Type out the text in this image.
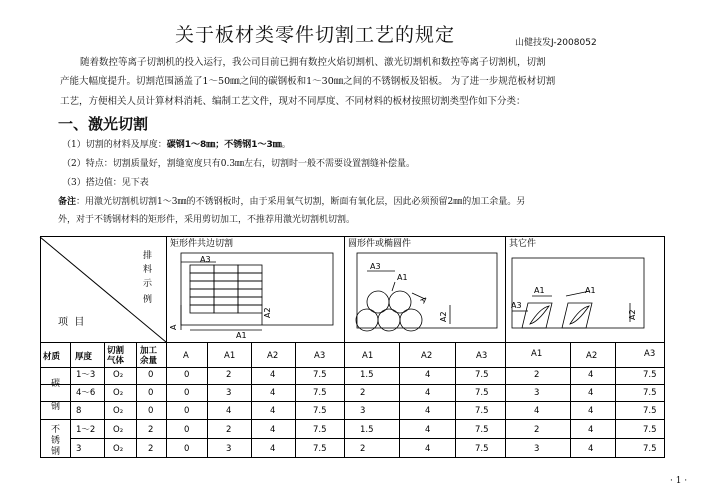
关于板材类零件切割工艺的规定	山健技发J-2008052
随着数控等离子切割机的投入运行，我公司目前已拥有数控火焰切割机、激光切割机和数控等离子切割机，切割
产能大幅度提升。切割范围涵盖了1～50㎜之间的碳钢板和1～30㎜之间的不锈钢板及铝板。 为了进一步规范板材切割
工艺，方便相关人员计算材料消耗、编制工艺文件，现对不同厚度、不同材料的板材按照切割类型作如下分类：
一、激光切割
（1）切割的材料及厚度：碳钢1～8㎜；不锈钢1～3㎜。
（2）特点：切割质量好，割缝宽度只有0.3㎜左右，切割时一般不需要设置割缝补偿量。
（3）搭边值：见下表
备注：用激光切割机切割1～3㎜的不锈钢板时，由于采用氧气切割，断面有氧化层，因此必须预留2㎜的加工余量。另
外，对于不锈钢材料的矩形件，采用剪切加工，不推荐用激光切割机切割。
矩形件共边切割	圆形件或椭圆件	其它件
排
料
示
例
项  目
A3
A2
A
A1
A3
A1
A
A2
A1	A1
A3
A2
材质 厚度
切割
气体
加工
余量	A	A1	A2	A3	A1	A2	A3	A1	A2	A3
碳
钢
不
锈
钢
1～3 O₂	0	0	2	4	7.5	1.5	4	7.5	2	4	7.5
4～6 O₂	0	0	3	4	7.5	2	4	7.5	3	4	7.5
8	O₂	0	0	4	4	7.5	3	4	7.5	4	4	7.5
1～2 O₂	2	0	2	4	7.5	1.5	4	7.5	2	4	7.5
3	O₂	2	0	3	4	7.5	2	4	7.5	3	4	7.5
· 1 ·
